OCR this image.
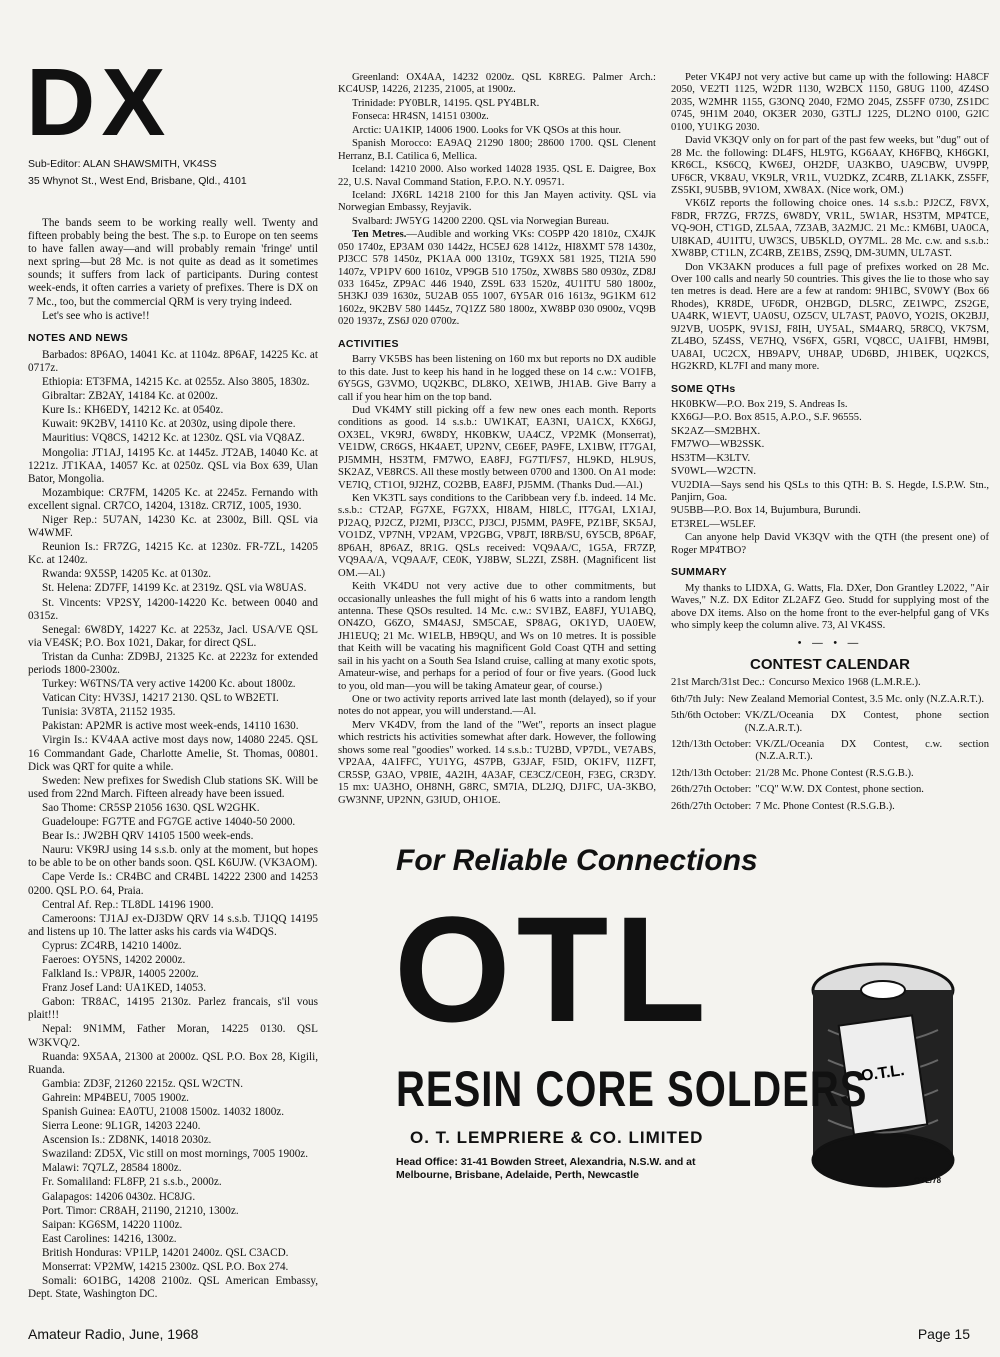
DX
Sub-Editor: ALAN SHAWSMITH, VK4SS
35 Whynot St., West End, Brisbane, Qld., 4101

The bands seem to be working really well. Twenty and fifteen probably being the best. The s.p. to Europe on ten seems to have fallen away—and will probably remain 'fringe' until next spring—but 28 Mc. is not quite as dead as it sometimes sounds; it suffers from lack of participants. During contest week-ends, it often carries a variety of prefixes. There is DX on 7 Mc., too, but the commercial QRM is very trying indeed.

Let's see who is active!!

NOTES AND NEWS

Barbados: 8P6AO, 14041 Kc. at 1104z. 8P6AF, 14225 Kc. at 0717z.

Ethiopia: ET3FMA, 14215 Kc. at 0255z. Also 3805, 1830z.

Gibraltar: ZB2AY, 14184 Kc. at 0200z.

Kure Is.: KH6EDY, 14212 Kc. at 0540z.

Kuwait: 9K2BV, 14110 Kc. at 2030z, using dipole there.

Mauritius: VQ8CS, 14212 Kc. at 1230z. QSL via VQ8AZ.

Mongolia: JT1AJ, 14195 Kc. at 1445z. JT2AB, 14040 Kc. at 1221z. JT1KAA, 14057 Kc. at 0250z. QSL via Box 639, Ulan Bator, Mongolia.

Mozambique: CR7FM, 14205 Kc. at 2245z. Fernando with excellent signal. CR7CO, 14204, 1318z. CR7IZ, 1005, 1930.

Niger Rep.: 5U7AN, 14230 Kc. at 2300z, Bill. QSL via W4WMF.

Reunion Is.: FR7ZG, 14215 Kc. at 1230z. FR-7ZL, 14205 Kc. at 1240z.

Rwanda: 9X5SP, 14205 Kc. at 0130z.

St. Helena: ZD7FF, 14199 Kc. at 2319z. QSL via W8UAS.

St. Vincents: VP2SY, 14200-14220 Kc. between 0040 and 0315z.

Senegal: 6W8DY, 14227 Kc. at 2253z, Jacl. USA/VE QSL via VE4SK; P.O. Box 1021, Dakar, for direct QSL.

Tristan da Cunha: ZD9BJ, 21325 Kc. at 2223z for extended periods 1800-2300z.

Turkey: W6TNS/TA very active 14200 Kc. about 1800z.

Vatican City: HV3SJ, 14217 2130. QSL to WB2ETI.

Tunisia: 3V8TA, 21152 1935.

Pakistan: AP2MR is active most week-ends, 14110 1630.

Virgin Is.: KV4AA active most days now, 14080 2245. QSL 16 Commandant Gade, Charlotte Amelie, St. Thomas, 00801. Dick was QRT for quite a while.

Sweden: New prefixes for Swedish Club stations SK. Will be used from 22nd March. Fifteen already have been issued.

Sao Thome: CR5SP 21056 1630. QSL W2GHK.

Guadeloupe: FG7TE and FG7GE active 14040-50 2000.

Bear Is.: JW2BH QRV 14105 1500 week-ends.

Nauru: VK9RJ using 14 s.s.b. only at the moment, but hopes to be able to be on other bands soon. QSL K6UJW. (VK3AOM).

Cape Verde Is.: CR4BC and CR4BL 14222 2300 and 14253 0200. QSL P.O. 64, Praia.

Central Af. Rep.: TL8DL 14196 1900.

Cameroons: TJ1AJ ex-DJ3DW QRV 14 s.s.b. TJ1QQ 14195 and listens up 10. The latter asks his cards via W4DQS.

Cyprus: ZC4RB, 14210 1400z.

Faeroes: OY5NS, 14202 2000z.

Falkland Is.: VP8JR, 14005 2200z.

Franz Josef Land: UA1KED, 14053.

Gabon: TR8AC, 14195 2130z. Parlez francais, s'il vous plait!!!

Nepal: 9N1MM, Father Moran, 14225 0130. QSL W3KVQ/2.

Ruanda: 9X5AA, 21300 at 2000z. QSL P.O. Box 28, Kigili, Ruanda.

Gambia: ZD3F, 21260 2215z. QSL W2CTN.

Gahrein: MP4BEU, 7005 1900z.

Spanish Guinea: EA0TU, 21008 1500z. 14032 1800z.

Sierra Leone: 9L1GR, 14203 2240.

Ascension Is.: ZD8NK, 14018 2030z.

Swaziland: ZD5X, Vic still on most mornings, 7005 1900z.

Malawi: 7Q7LZ, 28584 1800z.

Fr. Somaliland: FL8FP, 21 s.s.b., 2000z.

Galapagos: 14206 0430z. HC8JG.

Port. Timor: CR8AH, 21190, 21210, 1300z.

Saipan: KG6SM, 14220 1100z.

East Carolines: 14216, 1300z.

British Honduras: VP1LP, 14201 2400z. QSL C3ACD.

Monserrat: VP2MW, 14215 2300z. QSL P.O. Box 274.

Somali: 6O1BG, 14208 2100z. QSL American Embassy, Dept. State, Washington DC.

Greenland: OX4AA, 14232 0200z. QSL K8REG. Palmer Arch.: KC4USP, 14226, 21235, 21005, at 1900z.

Trinidade: PY0BLR, 14195. QSL PY4BLR.

Fonseca: HR4SN, 14151 0300z.

Arctic: UA1KIP, 14006 1900. Looks for VK QSOs at this hour.

Spanish Morocco: EA9AQ 21290 1800; 28600 1700. QSL Clenent Herranz, B.I. Catilica 6, Mellica.

Iceland: 14210 2000. Also worked 14028 1935. QSL E. Daigree, Box 22, U.S. Naval Command Station, F.P.O. N.Y. 09571.

Iceland: JX6RL 14218 2100 for this Jan Mayen activity. QSL via Norwegian Embassy, Reyjavik.

Svalbard: JW5YG 14200 2200. QSL via Norwegian Bureau.

Ten Metres.—Audible and working VKs: CO5PP 420 1810z, CX4JK 050 1740z, EP3AM 030 1442z, HC5EJ 628 1412z, HI8XMT 578 1430z, PJ3CC 578 1450z, PK1AA 000 1310z, TG9XX 581 1925, TI2IA 590 1407z, VP1PV 600 1610z, VP9GB 510 1750z, XW8BS 580 0930z, ZD8J 033 1645z, ZP9AC 446 1940, ZS9L 633 1520z, 4U1ITU 580 1800z, 5H3KJ 039 1630z, 5U2AB 055 1007, 6Y5AR 016 1613z, 9G1KM 612 1602z, 9K2BV 580 1445z, 7Q1ZZ 580 1800z, XW8BP 030 0900z, VQ9B 020 1937z, ZS6J 020 0700z.

ACTIVITIES

Barry VK5BS has been listening on 160 mx but reports no DX audible to this date. Just to keep his hand in he logged these on 14 c.w.: VO1FB, 6Y5GS, G3VMO, UQ2KBC, DL8KO, XE1WB, JH1AB. Give Barry a call if you hear him on the top band.

Dud VK4MY still picking off a few new ones each month. Reports conditions as good. 14 s.s.b.: UW1KAT, EA3NI, UA1CX, KX6GJ, OX3EL, VK9RJ, 6W8DY, HK0BKW, UA4CZ, VP2MK (Monserrat), VE1DW, CR6GS, HK4AET, UP2NV, CE6EF, PA9FE, LX1BW, IT7GAI, PJ5MMH, HS3TM, FM7WO, EA8FJ, FG7TI/FS7, HL9KD, HL9US, SK2AZ, VE8RCS. All these mostly between 0700 and 1300. On A1 mode: VE7IQ, CT1OI, 9J2HZ, CO2BB, EA8FJ, PJ5MM. (Thanks Dud.—Al.)

Ken VK3TL says conditions to the Caribbean very f.b. indeed. 14 Mc. s.s.b.: CT2AP, FG7XE, FG7XX, HI8AM, HI8LC, IT7GAI, LX1AJ, PJ2AQ, PJ2CZ, PJ2MI, PJ3CC, PJ3CJ, PJ5MM, PA9FE, PZ1BF, SK5AJ, VO1DZ, VP7NH, VP2AM, VP2GBG, VP8JT, I8RB/SU, 6Y5CB, 8P6AF, 8P6AH, 8P6AZ, 8R1G. QSLs received: VQ9AA/C, 1G5A, FR7ZP, VQ9AA/A, VQ9AA/F, CE0K, YJ8BW, SL2ZI, ZS8H. (Magnificent list OM.—Al.)

Keith VK4DU not very active due to other commitments, but occasionally unleashes the full might of his 6 watts into a random length antenna. These QSOs resulted. 14 Mc. c.w.: SV1BZ, EA8FJ, YU1ABQ, ON4ZO, G6ZO, SM4ASJ, SM5CAE, SP8AG, OK1YD, UA0EW, JH1EUQ; 21 Mc. W1ELB, HB9QU, and Ws on 10 metres. It is possible that Keith will be vacating his magnificent Gold Coast QTH and setting sail in his yacht on a South Sea Island cruise, calling at many exotic spots, Amateur-wise, and perhaps for a period of four or five years. (Good luck to you, old man—you will be taking Amateur gear, of course.)

One or two activity reports arrived late last month (delayed), so if your notes do not appear, you will understand.—Al.

Merv VK4DV, from the land of the "Wet", reports an insect plague which restricts his activities somewhat after dark. However, the following shows some real "goodies" worked. 14 s.s.b.: TU2BD, VP7DL, VE7ABS, VP2AA, 4A1FFC, YU1YG, 4S7PB, G3JAF, F5ID, OK1FV, I1ZFT, CR5SP, G3AO, VP8IE, 4A2IH, 4A3AF, CE3CZ/CE0H, F3EG, CR3DY. 15 mx: UA3HO, OH8NH, G8RC, SM7IA, DL2JQ, DJ1FC, UA-3KBO, GW3NNF, UP2NN, G3IUD, OH1OE.

Peter VK4PJ not very active but came up with the following: HA8CF 2050, VE2TI 1125, W2DR 1130, W2BCX 1150, G8UG 1100, 4Z4SO 2035, W2MHR 1155, G3ONQ 2040, F2MO 2045, ZS5FF 0730, ZS1DC 0745, 9H1M 2040, OK3ER 2030, G3TLJ 1225, DL2NO 0100, G2IC 0100, YU1KG 2030.

David VK3QV only on for part of the past few weeks, but "dug" out of 28 Mc. the following: DL4FS, HL9TG, KG6AAY, KH6FBQ, KH6GKI, KR6CL, KS6CQ, KW6EJ, OH2DF, UA3KBO, UA9CBW, UV9PP, UF6CR, VK8AU, VK9LR, VR1L, VU2DKZ, ZC4RB, ZL1AKK, ZS5FF, ZS5KI, 9U5BB, 9V1OM, XW8AX. (Nice work, OM.)

VK6IZ reports the following choice ones. 14 s.s.b.: PJ2CZ, F8VX, F8DR, FR7ZG, FR7ZS, 6W8DY, VR1L, 5W1AR, HS3TM, MP4TCE, VQ-9OH, CT1GD, ZL5AA, 7Z3AB, 3A2MJC. 21 Mc.: KM6BI, UA0CA, UI8KAD, 4U1ITU, UW3CS, UB5KLD, OY7ML. 28 Mc. c.w. and s.s.b.: XW8BP, CT1LN, ZC4RB, ZE1BS, ZS9Q, DM-3UMN, UL7AST.

Don VK3AKN produces a full page of prefixes worked on 28 Mc. Over 100 calls and nearly 50 countries. This gives the lie to those who say ten metres is dead. Here are a few at random: 9H1BC, SV0WY (Box 66 Rhodes), KR8DE, UF6DR, OH2BGD, DL5RC, ZE1WPC, ZS2GE, UA4RK, W1EVT, UA0SU, OZ5CV, UL7AST, PA0VO, YO2IS, OK2BJJ, 9J2VB, UO5PK, 9V1SJ, F8IH, UY5AL, SM4ARQ, 5R8CQ, VK7SM, ZL4BO, 5Z4SS, VE7HQ, VS6FX, G5RI, VQ8CC, UA1FBI, HM9BI, UA8AI, UC2CX, HB9APV, UH8AP, UD6BD, JH1BEK, UQ2KCS, HG2KRD, KL7FI and many more.

SOME QTHs

HK0BKW—P.O. Box 219, S. Andreas Is.

KX6GJ—P.O. Box 8515, A.P.O., S.F. 96555.

SK2AZ—SM2BHX.

FM7WO—WB2SSK.

HS3TM—K3LTV.

SV0WL—W2CTN.

VU2DIA—Says send his QSLs to this QTH: B. S. Hegde, I.S.P.W. Stn., Panjirn, Goa.

9U5BB—P.O. Box 14, Bujumbura, Burundi.

ET3REL—W5LEF.

Can anyone help David VK3QV with the QTH (the present one) of Roger MP4TBO?

SUMMARY

My thanks to LIDXA, G. Watts, Fla. DXer, Don Grantley L2022, "Air Waves," N.Z. DX Editor ZL2AFZ Geo. Studd for supplying most of the above DX items. Also on the home front to the ever-helpful gang of VKs who simply keep the column alive. 73, Al VK4SS.

• — • —
CONTEST CALENDAR
21st March/31st Dec.: Concurso Mexico 1968 (L.M.R.E.).
6th/7th July: New Zealand Memorial Contest, 3.5 Mc. only (N.Z.A.R.T.).
5th/6th October: VK/ZL/Oceania DX Contest, phone section (N.Z.A.R.T.).
12th/13th October: VK/ZL/Oceania DX Contest, c.w. section (N.Z.A.R.T.).
12th/13th October: 21/28 Mc. Phone Contest (R.S.G.B.).
26th/27th October: "CQ" W.W. DX Contest, phone section.
26th/27th October: 7 Mc. Phone Contest (R.S.G.B.).
For Reliable Connections
OTL
O.T.L.
RESIN CORE SOLDERS
O. T. LEMPRIERE & CO. LIMITED
Head Office: 31-41 Bowden Street, Alexandria, N.S.W. and at Melbourne, Brisbane, Adelaide, Perth, Newcastle	OTL/78
Amateur Radio, June, 1968	Page 15
